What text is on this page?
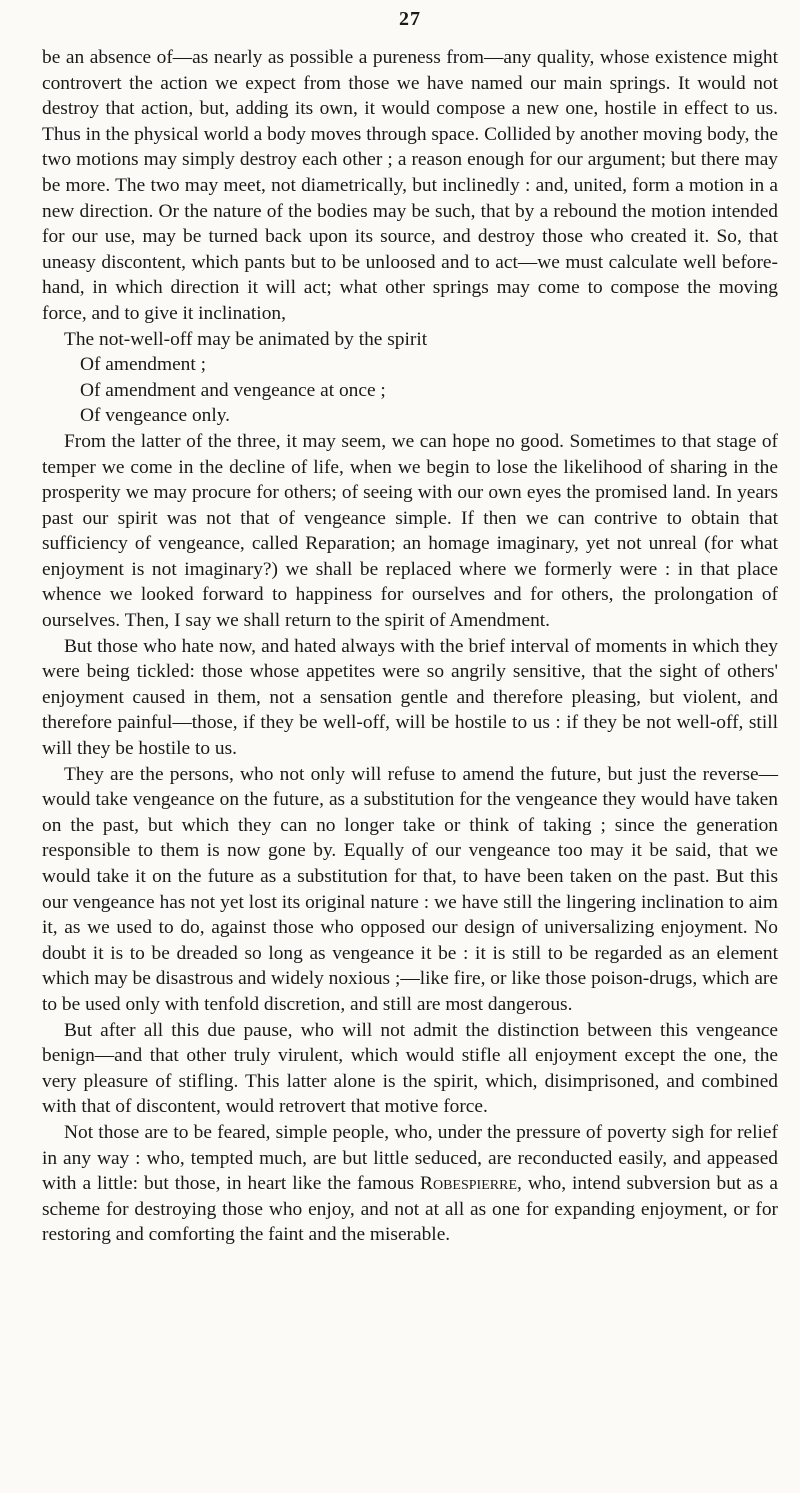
27

be an absence of—as nearly as possible a pureness from—any quality, whose existence might controvert the action we expect from those we have named our main springs. It would not destroy that action, but, adding its own, it would compose a new one, hostile in effect to us. Thus in the physical world a body moves through space. Collided by another moving body, the two motions may simply destroy each other ; a reason enough for our argument; but there may be more. The two may meet, not diametrically, but inclinedly : and, united, form a motion in a new direction. Or the nature of the bodies may be such, that by a rebound the motion intended for our use, may be turned back upon its source, and destroy those who created it. So, that uneasy discontent, which pants but to be unloosed and to act—we must calculate well before-hand, in which direction it will act; what other springs may come to compose the moving force, and to give it inclination,

The not-well-off may be animated by the spirit

Of amendment ;
Of amendment and vengeance at once ;
Of vengeance only.

From the latter of the three, it may seem, we can hope no good. Sometimes to that stage of temper we come in the decline of life, when we begin to lose the likelihood of sharing in the prosperity we may procure for others; of seeing with our own eyes the promised land. In years past our spirit was not that of vengeance simple. If then we can contrive to obtain that sufficiency of vengeance, called Reparation; an homage imaginary, yet not unreal (for what enjoyment is not imaginary?) we shall be replaced where we formerly were : in that place whence we looked forward to happiness for ourselves and for others, the prolongation of ourselves. Then, I say we shall return to the spirit of Amendment.

But those who hate now, and hated always with the brief interval of moments in which they were being tickled: those whose appetites were so angrily sensitive, that the sight of others' enjoyment caused in them, not a sensation gentle and therefore pleasing, but violent, and therefore painful—those, if they be well-off, will be hostile to us : if they be not well-off, still will they be hostile to us.

They are the persons, who not only will refuse to amend the future, but just the reverse—would take vengeance on the future, as a substitution for the vengeance they would have taken on the past, but which they can no longer take or think of taking ; since the generation responsible to them is now gone by. Equally of our vengeance too may it be said, that we would take it on the future as a substitution for that, to have been taken on the past. But this our vengeance has not yet lost its original nature : we have still the lingering inclination to aim it, as we used to do, against those who opposed our design of universalizing enjoyment. No doubt it is to be dreaded so long as vengeance it be : it is still to be regarded as an element which may be disastrous and widely noxious ;—like fire, or like those poison-drugs, which are to be used only with tenfold discretion, and still are most dangerous.

But after all this due pause, who will not admit the distinction between this vengeance benign—and that other truly virulent, which would stifle all enjoyment except the one, the very pleasure of stifling. This latter alone is the spirit, which, disimprisoned, and combined with that of discontent, would retrovert that motive force.

Not those are to be feared, simple people, who, under the pressure of poverty sigh for relief in any way : who, tempted much, are but little seduced, are reconducted easily, and appeased with a little: but those, in heart like the famous Robespierre, who, intend subversion but as a scheme for destroying those who enjoy, and not at all as one for expanding enjoyment, or for restoring and comforting the faint and the miserable.
